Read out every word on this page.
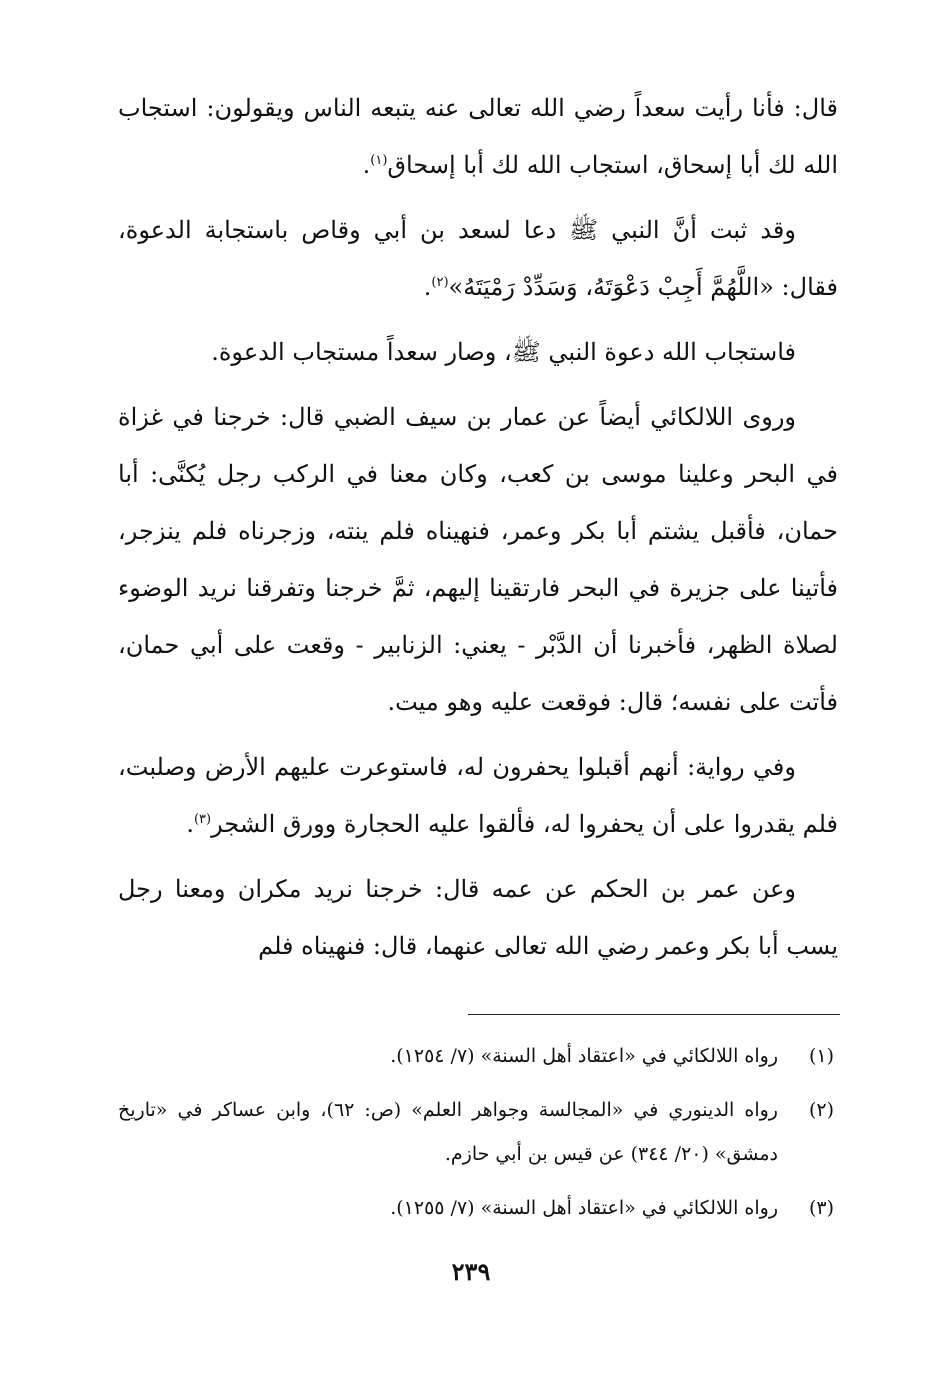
قال: فأنا رأيت سعداً رضي الله تعالى عنه يتبعه الناس ويقولون: استجاب الله لك أبا إسحاق، استجاب الله لك أبا إسحاق$^{(١)}$.

وقد ثبت أنَّ النبي ﷺ دعا لسعد بن أبي وقاص باستجابة الدعوة، فقال: «اللَّهُمَّ أَجِبْ دَعْوَتَهُ، وَسَدِّدْ رَمْيَتَهُ»$^{(٢)}$.

فاستجاب الله دعوة النبي ﷺ، وصار سعداً مستجاب الدعوة.

وروى اللالكائي أيضاً عن عمار بن سيف الضبي قال: خرجنا في غزاة في البحر وعلينا موسى بن كعب، وكان معنا في الركب رجل يُكنَّى: أبا حمان، فأقبل يشتم أبا بكر وعمر، فنهيناه فلم ينته، وزجرناه فلم ينزجر، فأتينا على جزيرة في البحر فارتقينا إليهم، ثمَّ خرجنا وتفرقنا نريد الوضوء لصلاة الظهر، فأخبرنا أن الدَّبْر - يعني: الزنابير - وقعت على أبي حمان، فأتت على نفسه؛ قال: فوقعت عليه وهو ميت.

وفي رواية: أنهم أقبلوا يحفرون له، فاستوعرت عليهم الأرض وصلبت، فلم يقدروا على أن يحفروا له، فألقوا عليه الحجارة وورق الشجر$^{(٣)}$.

وعن عمر بن الحكم عن عمه قال: خرجنا نريد مكران ومعنا رجل يسب أبا بكر وعمر رضي الله تعالى عنهما، قال: فنهيناه فلم

(١)
رواه اللالكائي في «اعتقاد أهل السنة» (٧/ ١٢٥٤).
(٢)
رواه الدينوري في «المجالسة وجواهر العلم» (ص: ٦٢)، وابن عساكر في «تاريخ دمشق» (٢٠/ ٣٤٤) عن قيس بن أبي حازم.
(٣)
رواه اللالكائي في «اعتقاد أهل السنة» (٧/ ١٢٥٥).
٢٣٩
